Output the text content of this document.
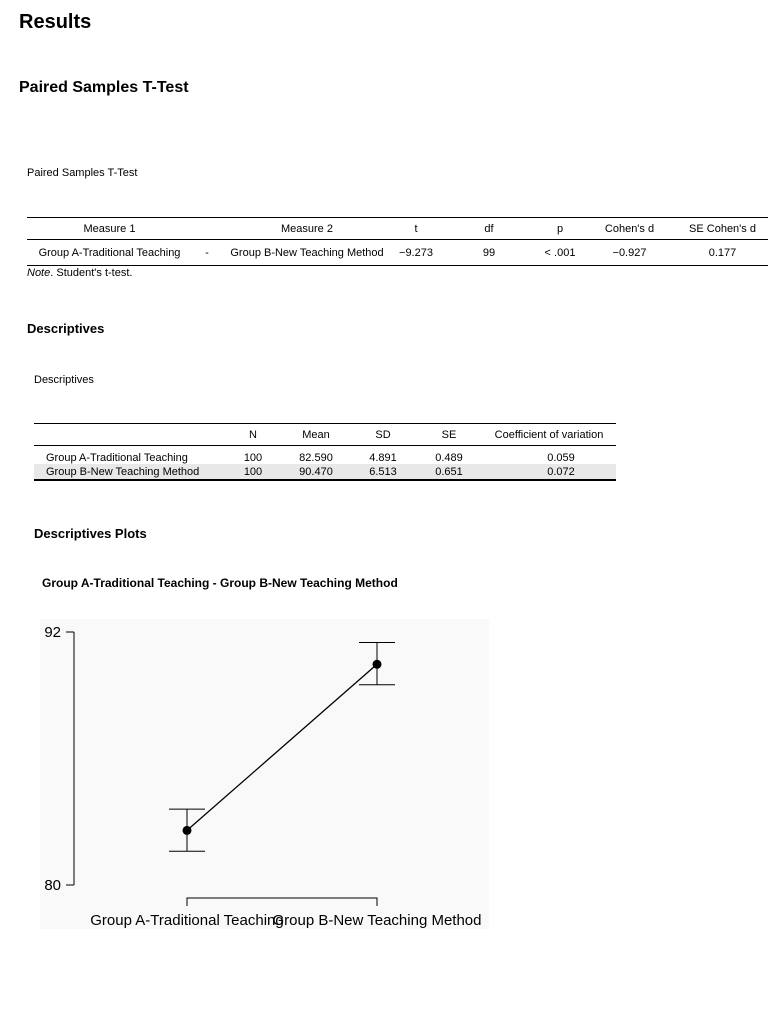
Results
Paired Samples T-Test
Paired Samples T-Test
Measure 1		Measure 2	t	df	p	Cohen's d	SE Cohen's d
Group A-Traditional Teaching	-	Group B-New Teaching Method	−9.273	99	< .001	−0.927	0.177
Note. Student's t-test.
Descriptives
Descriptives
	N	Mean	SD	SE	Coefficient of variation
Group A-Traditional Teaching	100	82.590	4.891	0.489	0.059
Group B-New Teaching Method	100	90.470	6.513	0.651	0.072
Descriptives Plots
Group A-Traditional Teaching - Group B-New Teaching Method
80
92
Group A-Traditional Teaching
Group B-New Teaching Method
